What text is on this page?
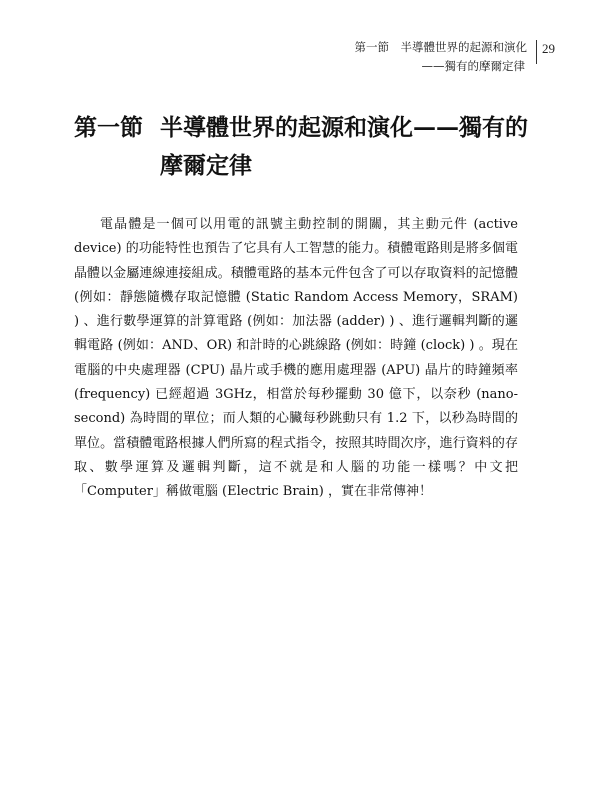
第一節　半導體世界的起源和演化
——獨有的摩爾定律
29
第一節 半導體世界的起源和演化——獨有的
摩爾定律

電晶體是一個可以用電的訊號主動控制的開關，其主動元件 (active device) 的功能特性也預告了它具有人工智慧的能力。積體電路則是將多個電晶體以金屬連線連接組成。積體電路的基本元件包含了可以存取資料的記憶體 (例如：靜態隨機存取記憶體 (Static Random Access Memory，SRAM) ) 、進行數學運算的計算電路 (例如：加法器 (adder) ) 、進行邏輯判斷的邏輯電路 (例如：AND、OR) 和計時的心跳線路 (例如：時鐘 (clock) ) 。現在電腦的中央處理器 (CPU) 晶片或手機的應用處理器 (APU) 晶片的時鐘頻率 (frequency) 已經超過 3GHz，相當於每秒擺動 30 億下，以奈秒 (nano-second) 為時間的單位；而人類的心臟每秒跳動只有 1.2 下，以秒為時間的單位。當積體電路根據人們所寫的程式指令，按照其時間次序，進行資料的存取、數學運算及邏輯判斷，這不就是和人腦的功能一樣嗎？中文把「Computer」稱做電腦 (Electric Brain) ，實在非常傳神！
